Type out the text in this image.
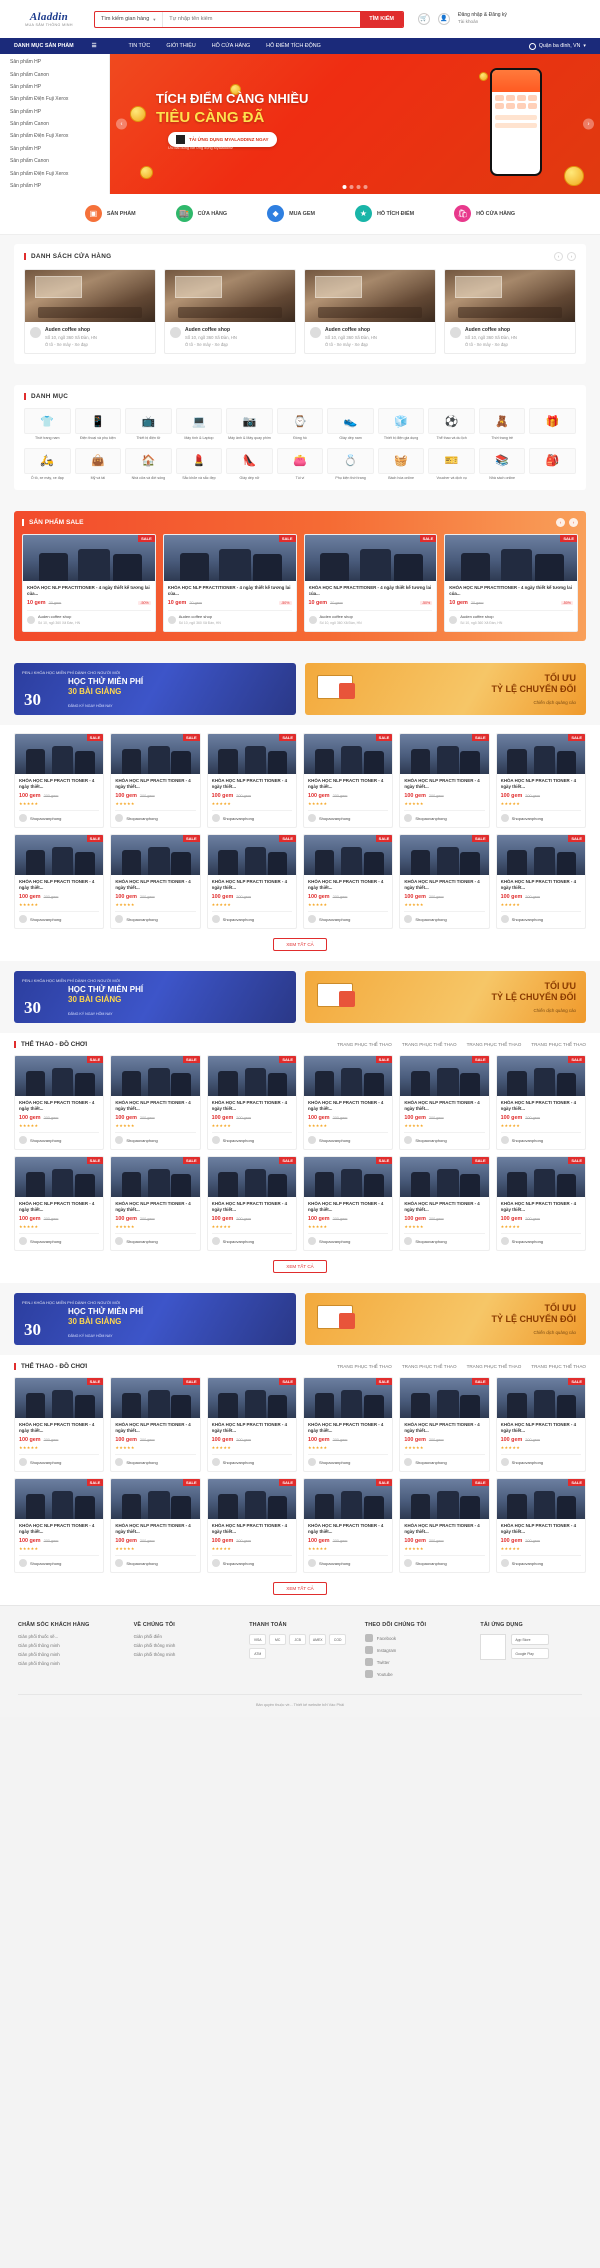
Aladdin
MUA SẮM THÔNG MINH
Tìm kiếm gian hàng ▼
Tự nhập tên kiếm	TÌM KIẾM	🛒	👤
Đăng nhập & Đăng ký
Tài khoản
DANH MỤC SẢN PHẨM	☰	TIN TỨC	GIỚI THIỆU	HỖ CỬA HÀNG	HỖ ĐIỂM TÍCH ĐỘNG	Quận ba đình, VN ▾
Sản phẩm HP
Sản phẩm Canon
Sản phẩm HP
Sản phẩm Điện Fuji Xerox
Sản phẩm HP
Sản phẩm Canon
Sản phẩm Điện Fuji Xerox
Sản phẩm HP
Sản phẩm Canon
Sản phẩm Điện Fuji Xerox
Sản phẩm HP
TÍCH ĐIỂM CÀNG NHIỀU
TIÊU CÀNG ĐÃ
TẢI ỨNG DỤNG MYALADDINZ NGAY
Ưu đãi dùng với ứng dụng Myaladdinz
‹	›
▣	SẢN PHẨM	🏬	CỬA HÀNG	◆	MUA GEM	★	HỖ TÍCH ĐIỂM	🛍	HỖ CỬA HÀNG
DANH SÁCH CỬA HÀNG	‹	›
Auden coffee shop
Số 10, ngõ 360 Xã Đàn, HN
Ô tô - Xe máy - Xe đạp
Auden coffee shop
Số 10, ngõ 360 Xã Đàn, HN
Ô tô - Xe máy - Xe đạp
Auden coffee shop
Số 10, ngõ 360 Xã Đàn, HN
Ô tô - Xe máy - Xe đạp
Auden coffee shop
Số 10, ngõ 360 Xã Đàn, HN
Ô tô - Xe máy - Xe đạp
DANH MỤC
👕
Thời trang nam
📱
Điện thoại và phụ kiện
📺
Thiết bị điện tử
💻
Máy tính & Laptop
📷
Máy ảnh & Máy quay phim
⌚
Đồng hồ
👟
Giày dép nam
🧊
Thiết bị điện gia dụng
⚽
Thể thao và du lịch
🧸
Thời trang trẻ
🎁
🛵
Ô tô, xe máy, xe đạp
👜
Mỹ và tài
🏠
Nhà cửa và đời sống
💄
Sắc khỏe và sắc đẹp
👠
Giày dép nữ
👛
Túi ví
💍
Phụ kiện thời trang
🧺
Bách hóa online
🎫
Voucher và dịch vụ
📚
Nhà sách online
🎒
SẢN PHẨM SALE	‹	›
SALE
KHÓA HỌC NLP PRACTITIONER - 4 ngày thiết kế tương lai của...
10 gem 20 gem	-50%
Auden coffee shop
Số 10, ngõ 360 Xã Đàn, HN
SALE
KHÓA HỌC NLP PRACTITIONER - 4 ngày thiết kế tương lai của...
10 gem 20 gem	-50%
Auden coffee shop
Số 10, ngõ 360 Xã Đàn, HN
SALE
KHÓA HỌC NLP PRACTITIONER - 4 ngày thiết kế tương lai của...
10 gem 20 gem	-50%
Auden coffee shop
Số 10, ngõ 360 Xã Đàn, HN
SALE
KHÓA HỌC NLP PRACTITIONER - 4 ngày thiết kế tương lai của...
10 gem 20 gem	-50%
Auden coffee shop
Số 10, ngõ 360 Xã Đàn, HN
PEN-I KHÓA HỌC MIỄN PHÍ DÀNH CHO NGƯỜI MỚI
30
HỌC THỬ MIỄN PHÍ
30 BÀI GIẢNG
ĐĂNG KÝ NGAY HÔM NAY
TỐI ƯU
TỶ LỆ CHUYỂN ĐỔI
Chiến dịch quảng cáo
SALE
KHÓA HỌC NLP PRACTI TIONER - 4 ngày thiết...
100 gem 200 gem
★★★★★
Shopaovanphong
SALE
KHÓA HỌC NLP PRACTI TIONER - 4 ngày thiết...
100 gem 200 gem
★★★★★
Shopaovanphong
SALE
KHÓA HỌC NLP PRACTI TIONER - 4 ngày thiết...
100 gem 200 gem
★★★★★
Shopaovanphong
SALE
KHÓA HỌC NLP PRACTI TIONER - 4 ngày thiết...
100 gem 200 gem
★★★★★
Shopaovanphong
SALE
KHÓA HỌC NLP PRACTI TIONER - 4 ngày thiết...
100 gem 200 gem
★★★★★
Shopaovanphong
SALE
KHÓA HỌC NLP PRACTI TIONER - 4 ngày thiết...
100 gem 200 gem
★★★★★
Shopaovanphong
SALE
KHÓA HỌC NLP PRACTI TIONER - 4 ngày thiết...
100 gem 200 gem
★★★★★
Shopaovanphong
SALE
KHÓA HỌC NLP PRACTI TIONER - 4 ngày thiết...
100 gem 200 gem
★★★★★
Shopaovanphong
SALE
KHÓA HỌC NLP PRACTI TIONER - 4 ngày thiết...
100 gem 200 gem
★★★★★
Shopaovanphong
SALE
KHÓA HỌC NLP PRACTI TIONER - 4 ngày thiết...
100 gem 200 gem
★★★★★
Shopaovanphong
SALE
KHÓA HỌC NLP PRACTI TIONER - 4 ngày thiết...
100 gem 200 gem
★★★★★
Shopaovanphong
SALE
KHÓA HỌC NLP PRACTI TIONER - 4 ngày thiết...
100 gem 200 gem
★★★★★
Shopaovanphong
XEM TẤT CẢ
PEN-I KHÓA HỌC MIỄN PHÍ DÀNH CHO NGƯỜI MỚI
30
HỌC THỬ MIỄN PHÍ
30 BÀI GIẢNG
ĐĂNG KÝ NGAY HÔM NAY
TỐI ƯU
TỶ LỆ CHUYỂN ĐỔI
Chiến dịch quảng cáo
THỂ THAO - ĐỒ CHƠI	TRANG PHỤC THỂ THAO TRANG PHỤC THỂ THAO TRANG PHỤC THỂ THAO TRANG PHỤC THỂ THAO
SALE
KHÓA HỌC NLP PRACTI TIONER - 4 ngày thiết...
100 gem 200 gem
★★★★★
Shopaovanphong
SALE
KHÓA HỌC NLP PRACTI TIONER - 4 ngày thiết...
100 gem 200 gem
★★★★★
Shopaovanphong
SALE
KHÓA HỌC NLP PRACTI TIONER - 4 ngày thiết...
100 gem 200 gem
★★★★★
Shopaovanphong
SALE
KHÓA HỌC NLP PRACTI TIONER - 4 ngày thiết...
100 gem 200 gem
★★★★★
Shopaovanphong
SALE
KHÓA HỌC NLP PRACTI TIONER - 4 ngày thiết...
100 gem 200 gem
★★★★★
Shopaovanphong
SALE
KHÓA HỌC NLP PRACTI TIONER - 4 ngày thiết...
100 gem 200 gem
★★★★★
Shopaovanphong
SALE
KHÓA HỌC NLP PRACTI TIONER - 4 ngày thiết...
100 gem 200 gem
★★★★★
Shopaovanphong
SALE
KHÓA HỌC NLP PRACTI TIONER - 4 ngày thiết...
100 gem 200 gem
★★★★★
Shopaovanphong
SALE
KHÓA HỌC NLP PRACTI TIONER - 4 ngày thiết...
100 gem 200 gem
★★★★★
Shopaovanphong
SALE
KHÓA HỌC NLP PRACTI TIONER - 4 ngày thiết...
100 gem 200 gem
★★★★★
Shopaovanphong
SALE
KHÓA HỌC NLP PRACTI TIONER - 4 ngày thiết...
100 gem 200 gem
★★★★★
Shopaovanphong
SALE
KHÓA HỌC NLP PRACTI TIONER - 4 ngày thiết...
100 gem 200 gem
★★★★★
Shopaovanphong
XEM TẤT CẢ
PEN-I KHÓA HỌC MIỄN PHÍ DÀNH CHO NGƯỜI MỚI
30
HỌC THỬ MIỄN PHÍ
30 BÀI GIẢNG
ĐĂNG KÝ NGAY HÔM NAY
TỐI ƯU
TỶ LỆ CHUYỂN ĐỔI
Chiến dịch quảng cáo
THỂ THAO - ĐỒ CHƠI	TRANG PHỤC THỂ THAO TRANG PHỤC THỂ THAO TRANG PHỤC THỂ THAO TRANG PHỤC THỂ THAO
SALE
KHÓA HỌC NLP PRACTI TIONER - 4 ngày thiết...
100 gem 200 gem
★★★★★
Shopaovanphong
SALE
KHÓA HỌC NLP PRACTI TIONER - 4 ngày thiết...
100 gem 200 gem
★★★★★
Shopaovanphong
SALE
KHÓA HỌC NLP PRACTI TIONER - 4 ngày thiết...
100 gem 200 gem
★★★★★
Shopaovanphong
SALE
KHÓA HỌC NLP PRACTI TIONER - 4 ngày thiết...
100 gem 200 gem
★★★★★
Shopaovanphong
SALE
KHÓA HỌC NLP PRACTI TIONER - 4 ngày thiết...
100 gem 200 gem
★★★★★
Shopaovanphong
SALE
KHÓA HỌC NLP PRACTI TIONER - 4 ngày thiết...
100 gem 200 gem
★★★★★
Shopaovanphong
SALE
KHÓA HỌC NLP PRACTI TIONER - 4 ngày thiết...
100 gem 200 gem
★★★★★
Shopaovanphong
SALE
KHÓA HỌC NLP PRACTI TIONER - 4 ngày thiết...
100 gem 200 gem
★★★★★
Shopaovanphong
SALE
KHÓA HỌC NLP PRACTI TIONER - 4 ngày thiết...
100 gem 200 gem
★★★★★
Shopaovanphong
SALE
KHÓA HỌC NLP PRACTI TIONER - 4 ngày thiết...
100 gem 200 gem
★★★★★
Shopaovanphong
SALE
KHÓA HỌC NLP PRACTI TIONER - 4 ngày thiết...
100 gem 200 gem
★★★★★
Shopaovanphong
SALE
KHÓA HỌC NLP PRACTI TIONER - 4 ngày thiết...
100 gem 200 gem
★★★★★
Shopaovanphong
XEM TẤT CẢ
CHĂM SÓC KHÁCH HÀNG
Giản phối thuốc sẽ...
Giản phối thông minh
Giản phối thông minh
Giản phối thông minh
VỀ CHÚNG TÔI
Giản phối điển
Giản phối thông minh
Giản phối thông minh
THANH TOÁN
VISA	MC	JCB	AMEX	COD
ATM
THEO DÕI CHÚNG TÔI
Facebook
Instagram
Twitter
Youtube
TẢI ỨNG DỤNG
App Store
Google Play
Bản quyền thuộc về... Thiết kế website bởi Vào Phải
